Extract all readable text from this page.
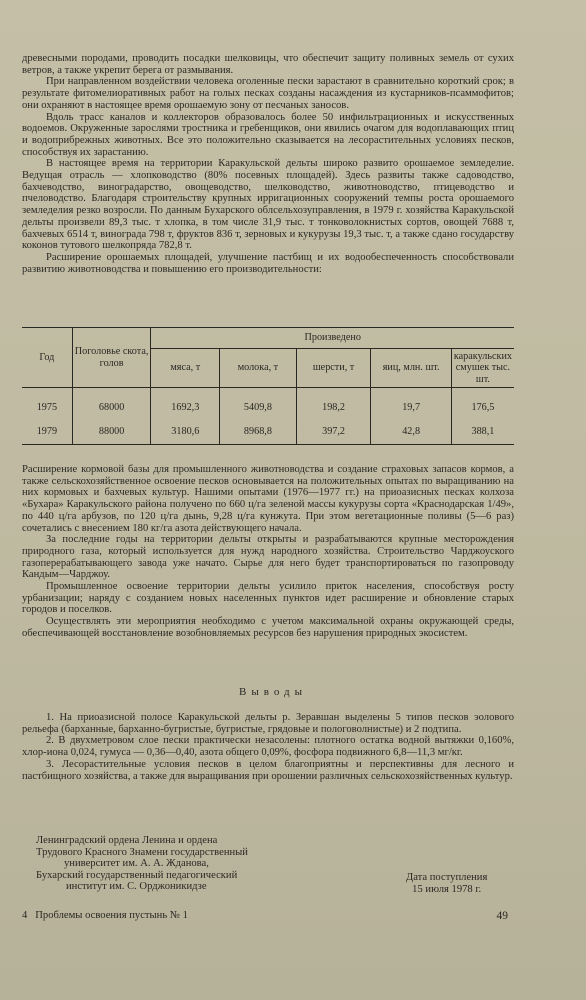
древесными породами, проводить посадки шелковицы, что обеспечит защиту поливных земель от сухих ветров, а также укрепит берега от размывания.

При направленном воздействии человека оголенные пески зарастают в сравнительно короткий срок; в результате фитомелиоративных работ на голых песках созданы насаждения из кустарников-псаммофитов; они охраняют в настоящее время орошаемую зону от песчаных заносов.

Вдоль трасс каналов и коллекторов образовалось более 50 инфильтрационных и искусственных водоемов. Окруженные зарослями тростника и гребенщиков, они явились очагом для водоплавающих птиц и водоприбрежных животных. Все это положительно сказывается на лесорастительных условиях песков, способствуя их зарастанию.

В настоящее время на территории Каракульской дельты широко развито орошаемое земледелие. Ведущая отрасль — хлопководство (80% посевных площадей). Здесь развиты также садоводство, бахчеводство, виноградарство, овощеводство, шелководство, животноводство, птицеводство и пчеловодство. Благодаря строительству крупных ирригационных сооружений темпы роста орошаемого земледелия резко возросли. По данным Бухарского облсельхозуправления, в 1979 г. хозяйства Каракульской дельты произвели 89,3 тыс. т хлопка, в том числе 31,9 тыс. т тонковолокнистых сортов, овощей 7688 т, бахчевых 6514 т, винограда 798 т, фруктов 836 т, зерновых и кукурузы 19,3 тыс. т, а также сдано государству коконов тутового шелкопряда 782,8 т.

Расширение орошаемых площадей, улучшение пастбищ и их водообеспеченность способствовали развитию животноводства и повышению его производительности:

Год	Поголовье скота, голов	Произведено				
		мяса, т	молока, т	шерсти, т	яиц, млн. шт.	каракульских смушек тыс. шт.
1975	68000	1692,3	5409,8	198,2	19,7	176,5
1979	88000	3180,6	8968,8	397,2	42,8	388,1

Расширение кормовой базы для промышленного животноводства и создание страховых запасов кормов, а также сельскохозяйственное освоение песков основывается на положительных опытах по выращиванию на них кормовых и бахчевых культур. Нашими опытами (1976—1977 гг.) на приоазисных песках колхоза «Бухара» Каракульского района получено по 660 ц/га зеленой массы кукурузы сорта «Краснодарская 1/49», по 440 ц/га арбузов, по 120 ц/га дынь, 9,28 ц/га кунжута. При этом вегетационные поливы (5—6 раз) сочетались с внесением 180 кг/га азота действующего начала.

За последние годы на территории дельты открыты и разрабатываются крупные месторождения природного газа, который используется для нужд народного хозяйства. Строительство Чарджоуского газоперерабатывающего завода уже начато. Сырье для него будет транспортироваться по газопроводу Кандым—Чарджоу.

Промышленное освоение территории дельты усилило приток населения, способствуя росту урбанизации; наряду с созданием новых населенных пунктов идет расширение и обновление старых городов и поселков.

Осуществлять эти мероприятия необходимо с учетом максимальной охраны окружающей среды, обеспечивающей восстановление возобновляемых ресурсов без нарушения природных экосистем.

Выводы

1. На приоазисной полосе Каракульской дельты р. Зеравшан выделены 5 типов песков эолового рельефа (барханные, барханно-бугристые, бугристые, грядовые и пологоволнистые) и 2 подтипа.

2. В двухметровом слое пески практически незасолены: плотного остатка водной вытяжки 0,160%, хлор-иона 0,024, гумуса — 0,36—0,40, азота общего 0,09%, фосфора подвижного 6,8—11,3 мг/кг.

3. Лесорастительные условия песков в целом благоприятны и перспективны для лесного и пастбищного хозяйства, а также для выращивания при орошении различных сельскохозяйственных культур.

Ленинградский ордена Ленина и ордена
Трудового Красного Знамени государственный
университет им. А. А. Жданова,
Бухарский государственный педагогический
институт им. С. Орджоникидзе
Дата поступления
15 июля 1978 г.
4   Проблемы освоения пустынь № 1	49
